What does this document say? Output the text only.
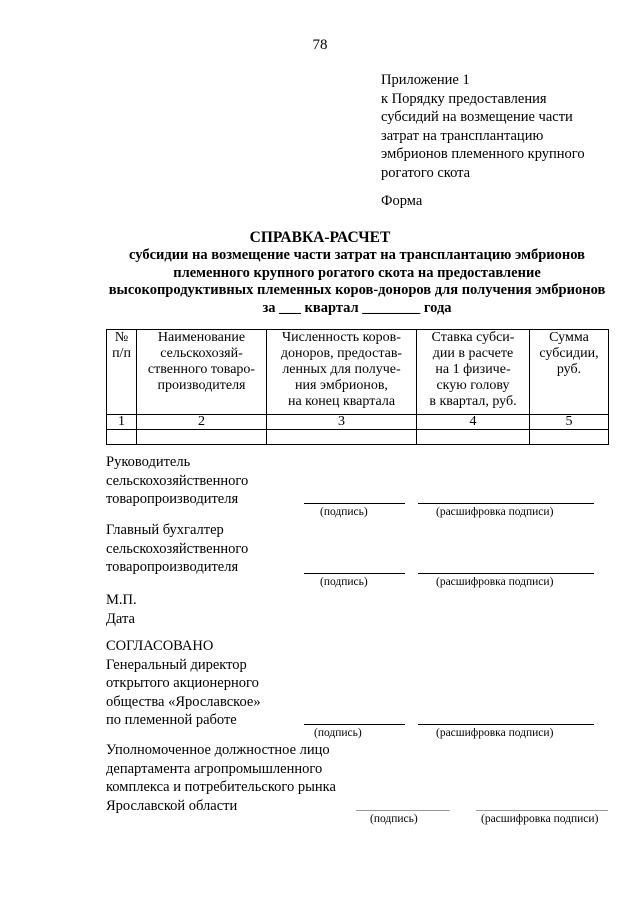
78
Приложение 1
к Порядку предоставления
субсидий на возмещение части
затрат на трансплантацию
эмбрионов племенного крупного
рогатого скота
Форма
СПРАВКА-РАСЧЕТ
субсидии на возмещение части затрат на трансплантацию эмбрионов
племенного крупного рогатого скота на предоставление
высокопродуктивных племенных коров-доноров для получения эмбрионов
за ___ квартал ________ года
№
п/п	Наименование
сельскохозяй-
ственного товаро-
производителя	Численность коров-
доноров, предостав-
ленных для получе-
ния эмбрионов,
на конец квартала	Ставка субси-
дии в расчете
на 1 физиче-
скую голову
в квартал, руб.	Сумма
субсидии,
руб.

1	2	3	4	5

Руководитель
сельскохозяйственного
товаропроизводителя
(подпись)	(расшифровка подписи)
Главный бухгалтер
сельскохозяйственного
товаропроизводителя
(подпись)	(расшифровка подписи)
М.П.
Дата
СОГЛАСОВАНО
Генеральный директор
открытого акционерного
общества «Ярославское»
по племенной работе
(подпись)	(расшифровка подписи)
Уполномоченное должностное лицо
департамента агропромышленного
комплекса и потребительского рынка
Ярославской области
(подпись)	(расшифровка подписи)
